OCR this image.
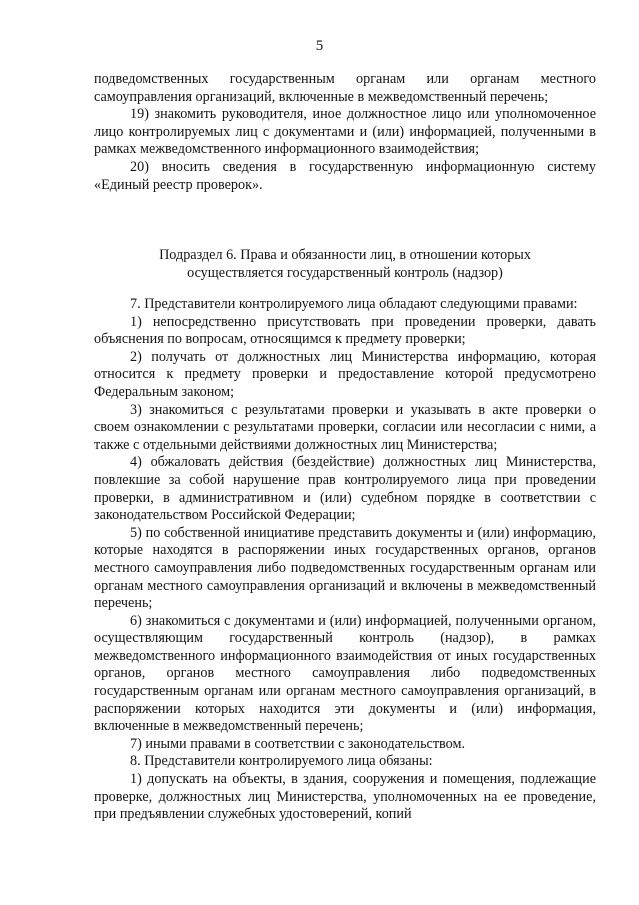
5

подведомственных государственным органам или органам местного самоуправления организаций, включенные в межведомственный перечень;

19) знакомить руководителя, иное должностное лицо или уполномоченное лицо контролируемых лиц с документами и (или) информацией, полученными в рамках межведомственного информационного взаимодействия;

20) вносить сведения в государственную информационную систему «Единый реестр проверок».

Подраздел 6. Права и обязанности лиц, в отношении которых

осуществляется государственный контроль (надзор)

7. Представители контролируемого лица обладают следующими правами:

1) непосредственно присутствовать при проведении проверки, давать объяснения по вопросам, относящимся к предмету проверки;

2) получать от должностных лиц Министерства информацию, которая относится к предмету проверки и предоставление которой предусмотрено Федеральным законом;

3) знакомиться с результатами проверки и указывать в акте проверки о своем ознакомлении с результатами проверки, согласии или несогласии с ними, а также с отдельными действиями должностных лиц Министерства;

4) обжаловать действия (бездействие) должностных лиц Министерства, повлекшие за собой нарушение прав контролируемого лица при проведении проверки, в административном и (или) судебном порядке в соответствии с законодательством Российской Федерации;

5) по собственной инициативе представить документы и (или) информацию, которые находятся в распоряжении иных государственных органов, органов местного самоуправления либо подведомственных государственным органам или органам местного самоуправления организаций и включены в межведомственный перечень;

6) знакомиться с документами и (или) информацией, полученными органом, осуществляющим государственный контроль (надзор), в рамках межведомственного информационного взаимодействия от иных государственных органов, органов местного самоуправления либо подведомственных государственным органам или органам местного самоуправления организаций, в распоряжении которых находится эти документы и (или) информация, включенные в межведомственный перечень;

7) иными правами в соответствии с законодательством.

8. Представители контролируемого лица обязаны:

1) допускать на объекты, в здания, сооружения и помещения, подлежащие проверке, должностных лиц Министерства, уполномоченных на ее проведение, при предъявлении служебных удостоверений, копий
